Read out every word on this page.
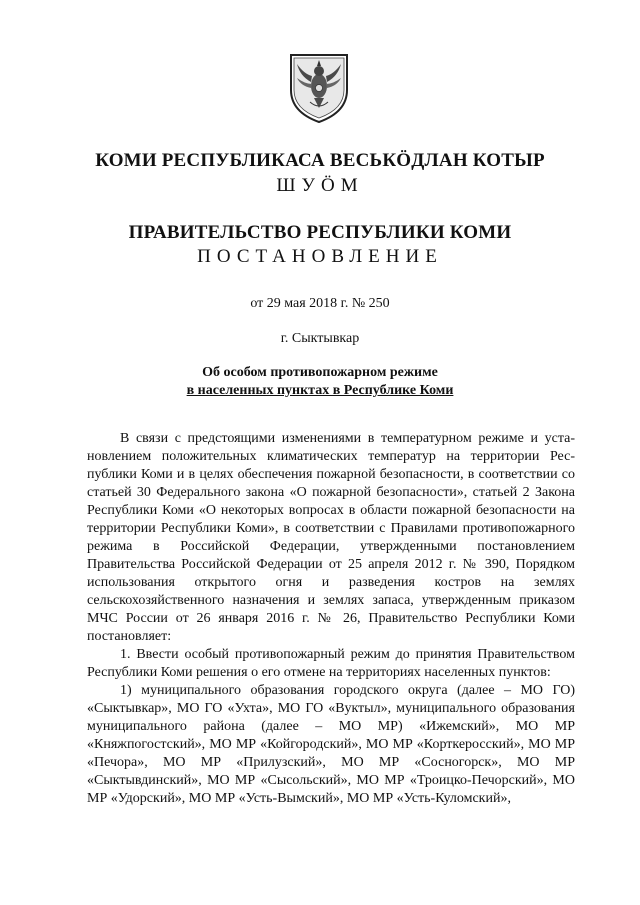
КОМИ РЕСПУБЛИКАСА ВЕСЬКӦДЛАН КОТЫР
ШУӦМ
ПРАВИТЕЛЬСТВО РЕСПУБЛИКИ КОМИ
ПОСТАНОВЛЕНИЕ
от 29 мая 2018 г. № 250
г. Сыктывкар
Об особом противопожарном режиме
в населенных пунктах в Республике Коми

В связи с предстоящими изменениями в температурном режиме и установлением положительных климатических температур на территории Республики Коми и в целях обеспечения пожарной безопасности, в соответствии со статьей 30 Федерального закона «О пожарной безопасности», статьей 2 Закона Республики Коми «О некоторых вопросах в области пожарной безопасности на территории Республики Коми», в соответствии с Правилами противопожарного режима в Российской Федерации, утвержденными постановлением Правительства Российской Федерации от 25 апреля 2012 г. № 390, Порядком использования открытого огня и разведения костров на землях сельскохозяйственного назначения и землях запаса, утвержденным приказом МЧС России от 26 января 2016 г. № 26, Правительство Республики Коми постановляет:

1. Ввести особый противопожарный режим до принятия Правительством Республики Коми решения о его отмене на территориях населенных пунктов:

1) муниципального образования городского округа (далее – МО ГО) «Сыктывкар», МО ГО «Ухта», МО ГО «Вуктыл», муниципального образования муниципального района (далее – МО МР) «Ижемский», МО МР «Княжпогостский», МО МР «Койгородский», МО МР «Корткеросский», МО МР «Печора», МО МР «Прилузский», МО МР «Сосногорск», МО МР «Сыктывдинский», МО МР «Сысольский», МО МР «Троицко-Печорский», МО МР «Удорский», МО МР «Усть-Вымский», МО МР «Усть-Куломский»,
